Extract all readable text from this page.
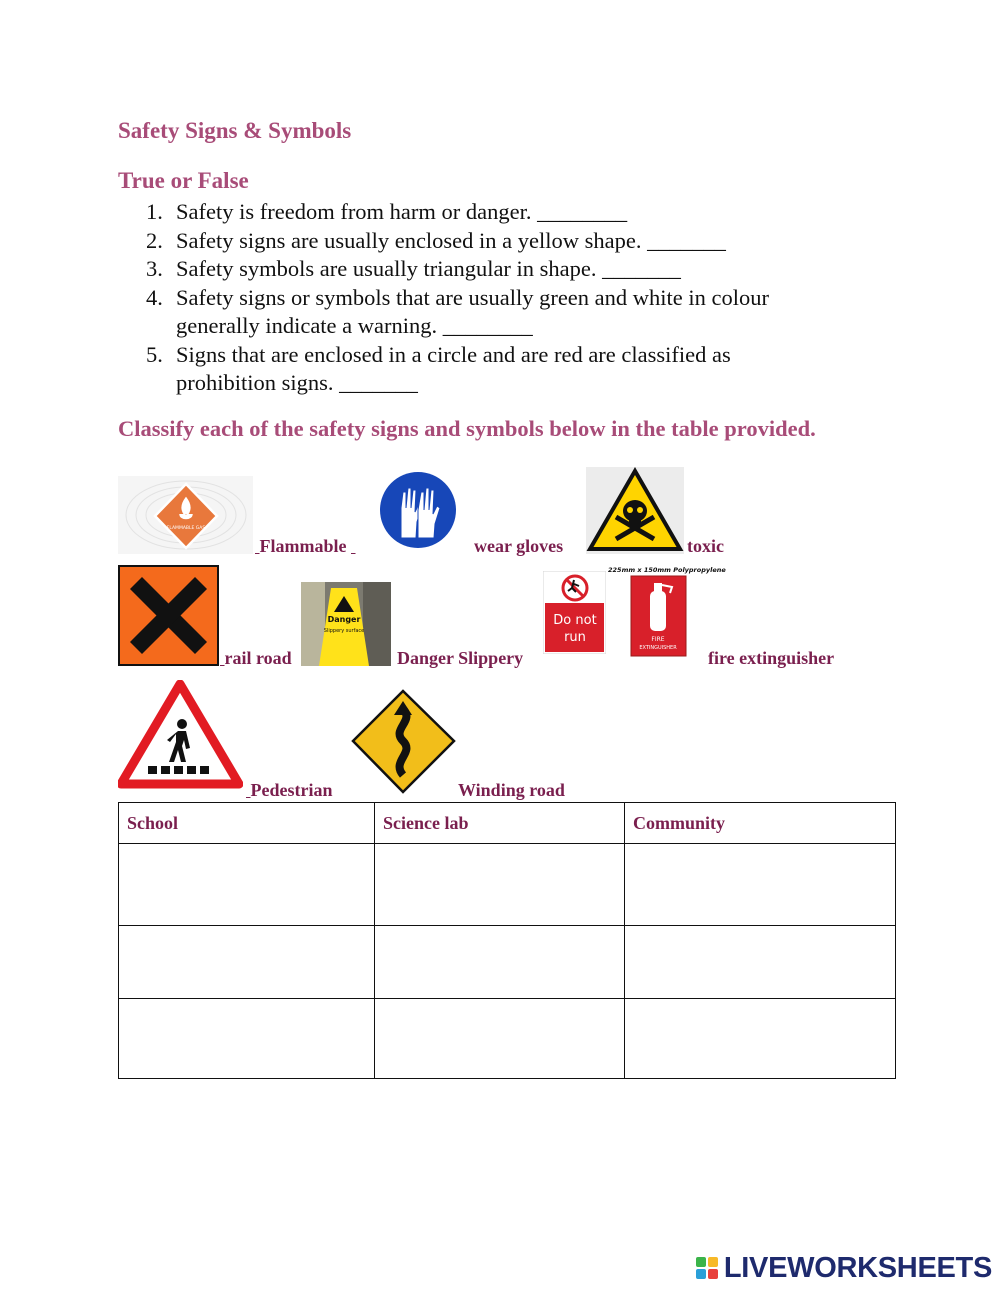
Safety Signs & Symbols
True or False
1. Safety is freedom from harm or danger. ________
2. Safety signs are usually enclosed in a yellow shape. _______
3. Safety symbols are usually triangular in shape. _______
4. Safety signs or symbols that are usually green and white in colour
generally indicate a warning. ________
5. Signs that are enclosed in a circle and are red are classified as
prohibition signs. _______
Classify each of the safety signs and symbols below in the table provided.
FLAMMABLE GAS
Flammable	wear gloves	toxic
rail road
Danger
Slippery surface
Danger Slippery
Do not
run
225mm x 150mm Polypropylene
FIRE
EXTINGUISHER fire extinguisher
Pedestrian	Winding road
School	Science lab	Community

LIVEWORKSHEETS
